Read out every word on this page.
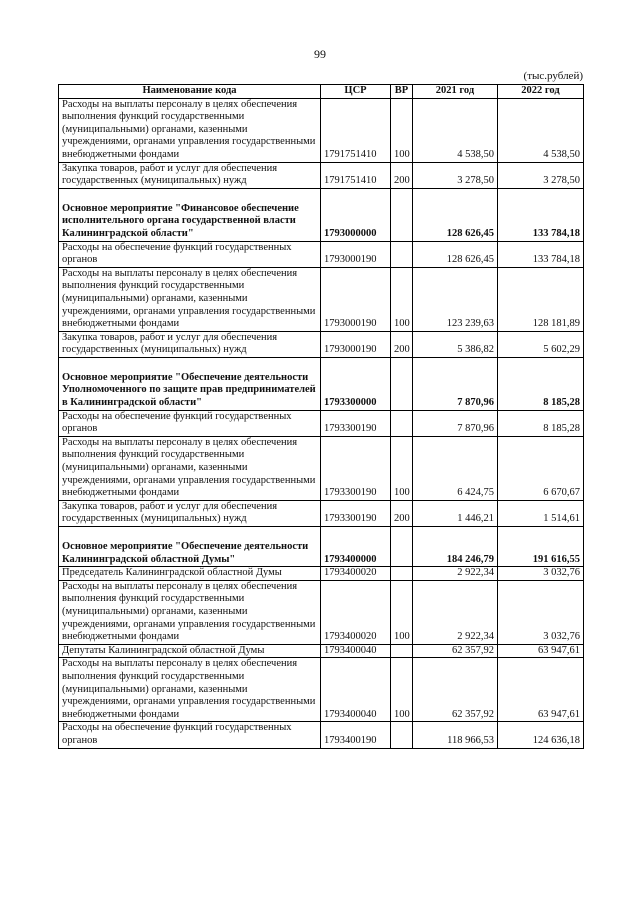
99
(тыс.рублей)
Наименование кода	ЦСР	ВР	2021 год	2022 год
Расходы на выплаты персоналу в целях обеспечения выполнения функций государственными (муниципальными) органами, казенными учреждениями, органами управления государственными внебюджетными фондами	1791751410	100	4 538,50	4 538,50
Закупка товаров, работ и услуг для обеспечения государственных (муниципальных) нужд	1791751410	200	3 278,50	3 278,50
Основное мероприятие "Финансовое обеспечение исполнительного органа государственной власти Калининградской области"	1793000000		128 626,45	133 784,18
Расходы на обеспечение функций государственных органов	1793000190		128 626,45	133 784,18
Расходы на выплаты персоналу в целях обеспечения выполнения функций государственными (муниципальными) органами, казенными учреждениями, органами управления государственными внебюджетными фондами	1793000190	100	123 239,63	128 181,89
Закупка товаров, работ и услуг для обеспечения государственных (муниципальных) нужд	1793000190	200	5 386,82	5 602,29
Основное мероприятие "Обеспечение деятельности Уполномоченного по защите прав предпринимателей в Калининградской области"	1793300000		7 870,96	8 185,28
Расходы на обеспечение функций государственных органов	1793300190		7 870,96	8 185,28
Расходы на выплаты персоналу в целях обеспечения выполнения функций государственными (муниципальными) органами, казенными учреждениями, органами управления государственными внебюджетными фондами	1793300190	100	6 424,75	6 670,67
Закупка товаров, работ и услуг для обеспечения государственных (муниципальных) нужд	1793300190	200	1 446,21	1 514,61
Основное мероприятие "Обеспечение деятельности Калининградской областной Думы"	1793400000		184 246,79	191 616,55
Председатель Калининградской областной Думы	1793400020		2 922,34	3 032,76
Расходы на выплаты персоналу в целях обеспечения выполнения функций государственными (муниципальными) органами, казенными учреждениями, органами управления государственными внебюджетными фондами	1793400020	100	2 922,34	3 032,76
Депутаты Калининградской областной Думы	1793400040		62 357,92	63 947,61
Расходы на выплаты персоналу в целях обеспечения выполнения функций государственными (муниципальными) органами, казенными учреждениями, органами управления государственными внебюджетными фондами	1793400040	100	62 357,92	63 947,61
Расходы на обеспечение функций государственных органов	1793400190		118 966,53	124 636,18
